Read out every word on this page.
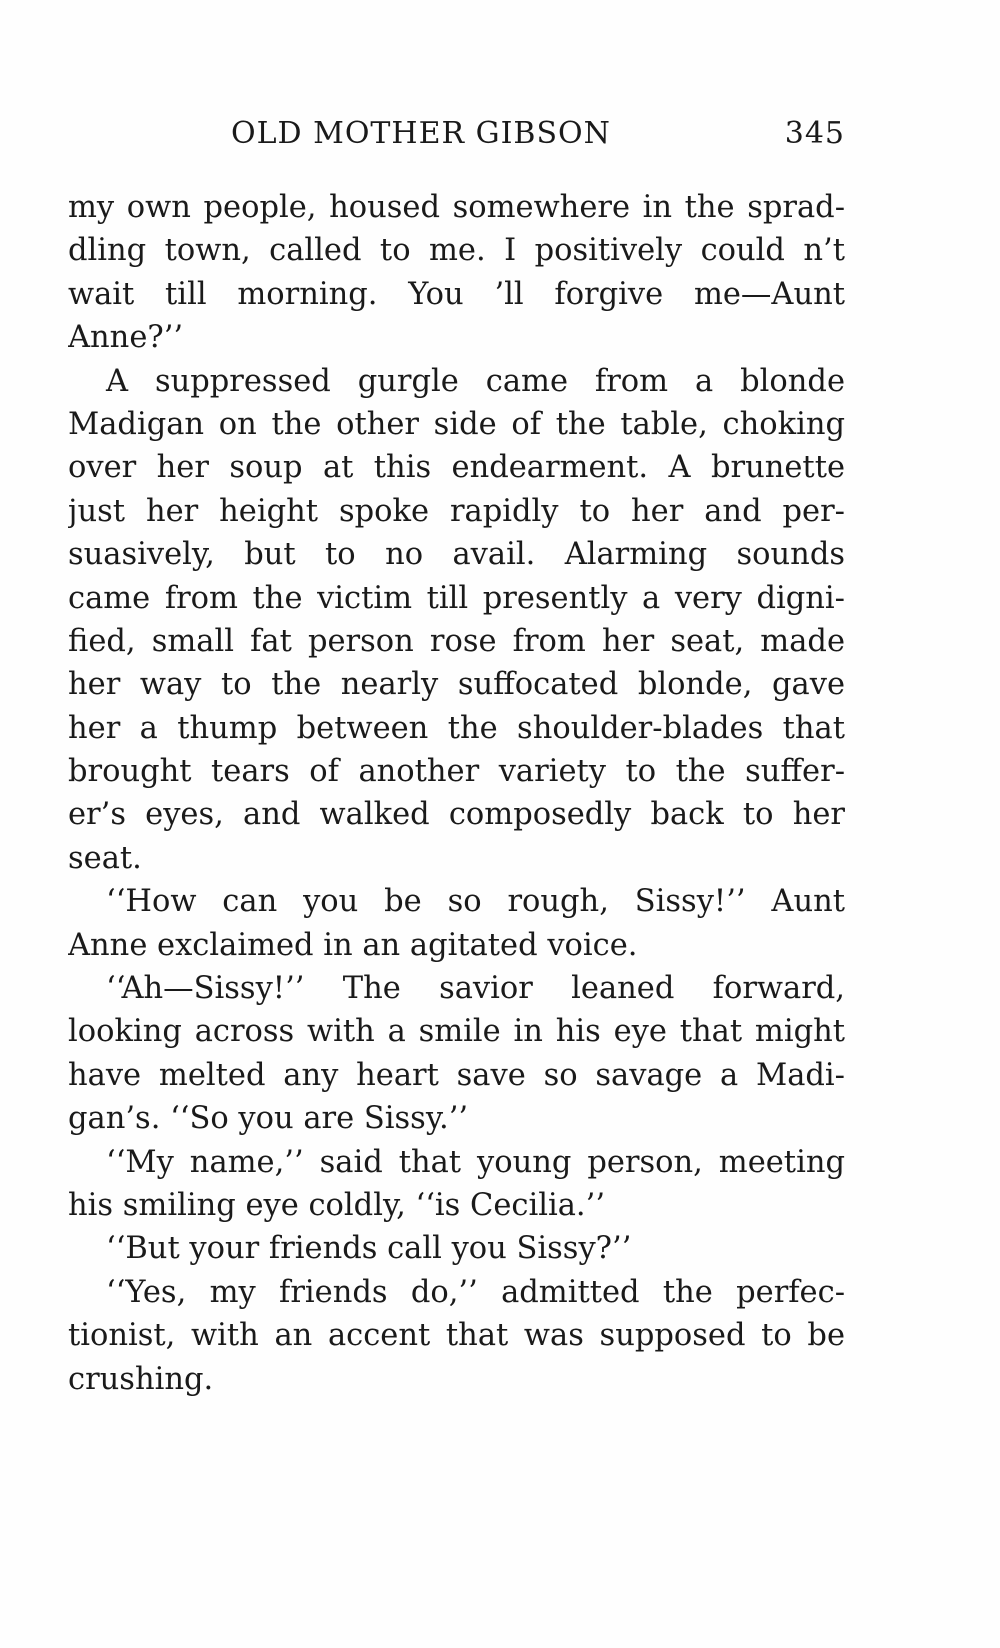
OLD MOTHER GIBSON	345
my own people, housed somewhere in the sprad-
dling town, called to me. I positively could n’t
wait till morning. You ’ll forgive me—Aunt
Anne?’’
A suppressed gurgle came from a blonde
Madigan on the other side of the table, choking
over her soup at this endearment. A brunette
just her height spoke rapidly to her and per-
suasively, but to no avail. Alarming sounds
came from the victim till presently a very digni-
fied, small fat person rose from her seat, made
her way to the nearly suffocated blonde, gave
her a thump between the shoulder-blades that
brought tears of another variety to the suffer-
er’s eyes, and walked composedly back to her
seat.
‘‘How can you be so rough, Sissy!’’ Aunt
Anne exclaimed in an agitated voice.
‘‘Ah—Sissy!’’ The savior leaned forward,
looking across with a smile in his eye that might
have melted any heart save so savage a Madi-
gan’s. ‘‘So you are Sissy.’’
‘‘My name,’’ said that young person, meeting
his smiling eye coldly, ‘‘is Cecilia.’’
‘‘But your friends call you Sissy?’’
‘‘Yes, my friends do,’’ admitted the perfec-
tionist, with an accent that was supposed to be
crushing.
